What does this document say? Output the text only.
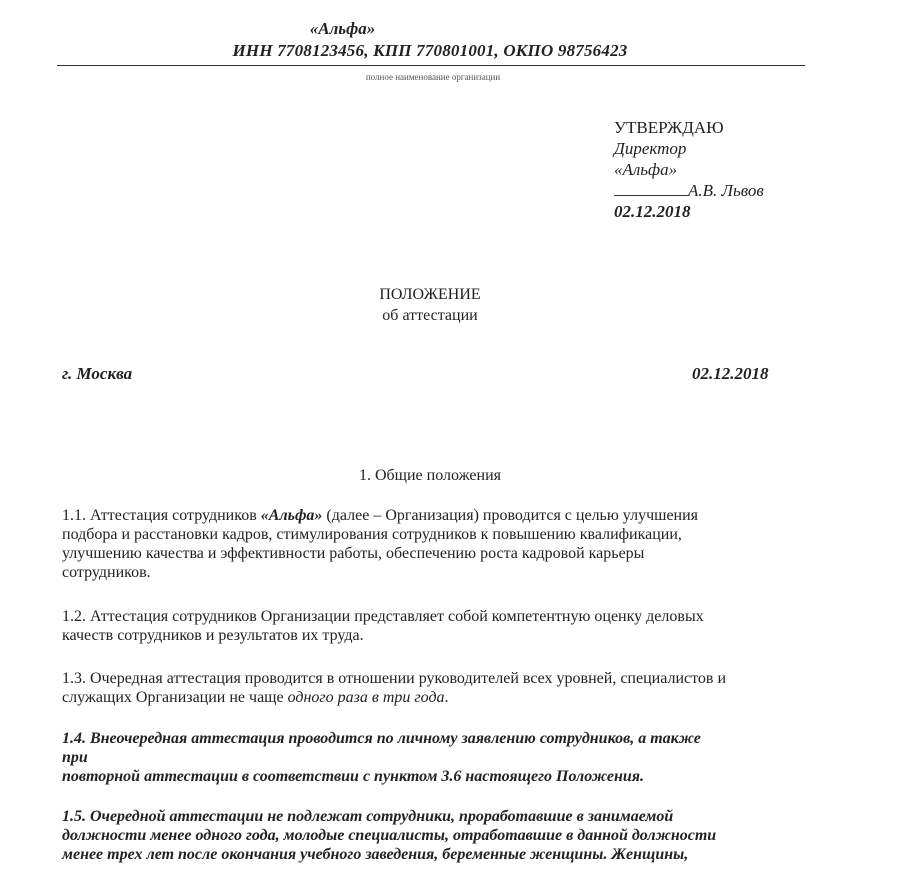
«Альфа»
ИНН 7708123456, КПП 770801001, ОКПО 98756423
полное наименование организации
УТВЕРЖДАЮ
Директор
«Альфа»
А.В. Львов
02.12.2018
ПОЛОЖЕНИЕ
об аттестации
г. Москва	02.12.2018
1. Общие положения
1.1. Аттестация сотрудников «Альфа» (далее – Организация) проводится с целью улучшения
подбора и расстановки кадров, стимулирования сотрудников к повышению квалификации,
улучшению качества и эффективности работы, обеспечению роста кадровой карьеры
сотрудников.
1.2. Аттестация сотрудников Организации представляет собой компетентную оценку деловых
качеств сотрудников и результатов их труда.
1.3. Очередная аттестация проводится в отношении руководителей всех уровней, специалистов и
служащих Организации не чаще одного раза в три года.
1.4. Внеочередная аттестация проводится по личному заявлению сотрудников, а также
при
повторной аттестации в соответствии с пунктом 3.6 настоящего Положения.
1.5. Очередной аттестации не подлежат сотрудники, проработавшие в занимаемой
должности менее одного года, молодые специалисты, отработавшие в данной должности
менее трех лет после окончания учебного заведения, беременные женщины. Женщины,
